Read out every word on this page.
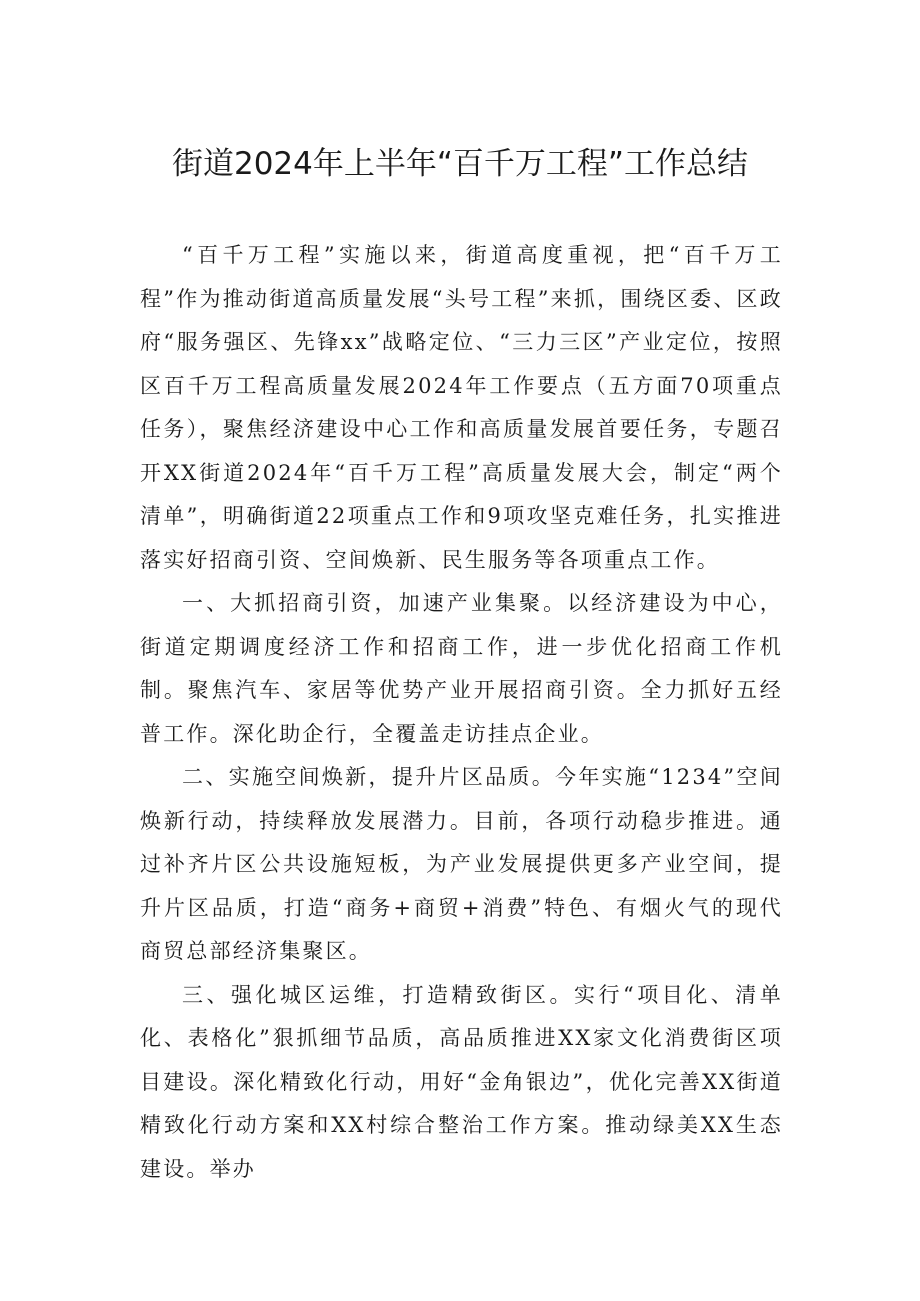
街道2024年上半年“百千万工程”工作总结

“百千万工程”实施以来，街道高度重视，把“百千万工程”作为推动街道高质量发展“头号工程”来抓，围绕区委、区政府“服务强区、先锋xx”战略定位、“三力三区”产业定位，按照区百千万工程高质量发展2024年工作要点（五方面70项重点任务），聚焦经济建设中心工作和高质量发展首要任务，专题召开XX街道2024年“百千万工程”高质量发展大会，制定“两个清单”，明确街道22项重点工作和9项攻坚克难任务，扎实推进落实好招商引资、空间焕新、民生服务等各项重点工作。

一、大抓招商引资，加速产业集聚。以经济建设为中心，街道定期调度经济工作和招商工作，进一步优化招商工作机制。聚焦汽车、家居等优势产业开展招商引资。全力抓好五经普工作。深化助企行，全覆盖走访挂点企业。

二、实施空间焕新，提升片区品质。今年实施“1234”空间焕新行动，持续释放发展潜力。目前，各项行动稳步推进。通过补齐片区公共设施短板，为产业发展提供更多产业空间，提升片区品质，打造“商务+商贸+消费”特色、有烟火气的现代商贸总部经济集聚区。

三、强化城区运维，打造精致街区。实行“项目化、清单化、表格化”狠抓细节品质，高品质推进XX家文化消费街区项目建设。深化精致化行动，用好“金角银边”，优化完善XX街道精致化行动方案和XX村综合整治工作方案。推动绿美XX生态建设。举办
